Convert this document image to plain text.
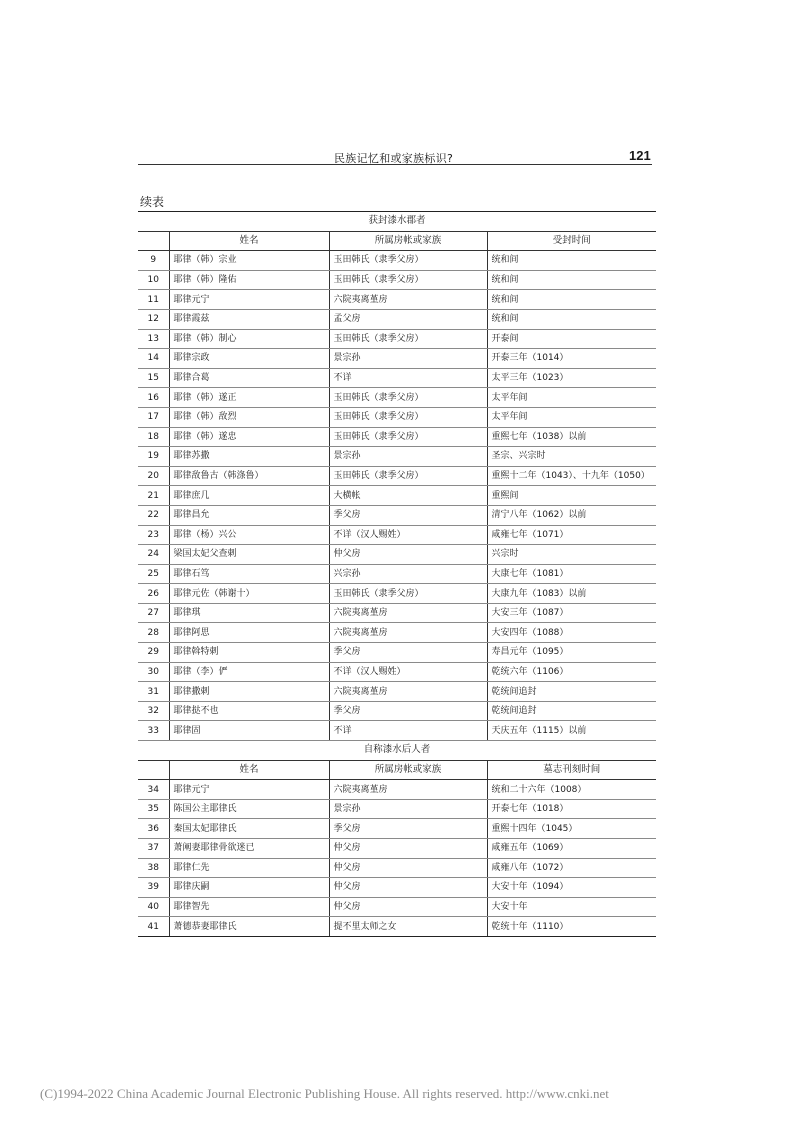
民族记忆和或家族标识?	121
续表
获封漆水郡者			
	姓名	所属房帐或家族	受封时间
9	耶律（韩）宗业	玉田韩氏（隶季父房）	统和间
10	耶律（韩）隆佑	玉田韩氏（隶季父房）	统和间
11	耶律元宁	六院夷离堇房	统和间
12	耶律霞兹	孟父房	统和间
13	耶律（韩）制心	玉田韩氏（隶季父房）	开泰间
14	耶律宗政	景宗孙	开泰三年（1014）
15	耶律合葛	不详	太平三年（1023）
16	耶律（韩）遂正	玉田韩氏（隶季父房）	太平年间
17	耶律（韩）敌烈	玉田韩氏（隶季父房）	太平年间
18	耶律（韩）遂忠	玉田韩氏（隶季父房）	重熙七年（1038）以前
19	耶律苏撒	景宗孙	圣宗、兴宗时
20	耶律敌鲁古（韩涤鲁）	玉田韩氏（隶季父房）	重熙十二年（1043）、十九年（1050）
21	耶律庶几	大横帐	重熙间
22	耶律昌允	季父房	清宁八年（1062）以前
23	耶律（杨）兴公	不详（汉人赐姓）	咸雍七年（1071）
24	梁国太妃父查剌	仲父房	兴宗时
25	耶律石笃	兴宗孙	大康七年（1081）
26	耶律元佐（韩谢十）	玉田韩氏（隶季父房）	大康九年（1083）以前
27	耶律琪	六院夷离堇房	大安三年（1087）
28	耶律阿思	六院夷离堇房	大安四年（1088）
29	耶律斡特剌	季父房	寿昌元年（1095）
30	耶律（李）俨	不详（汉人赐姓）	乾统六年（1106）
31	耶律撒剌	六院夷离堇房	乾统间追封
32	耶律挞不也	季父房	乾统间追封
33	耶律固	不详	天庆五年（1115）以前
自称漆水后人者			
	姓名	所属房帐或家族	墓志刊刻时间
34	耶律元宁	六院夷离堇房	统和二十六年（1008）
35	陈国公主耶律氏	景宗孙	开泰七年（1018）
36	秦国太妃耶律氏	季父房	重熙十四年（1045）
37	萧阐妻耶律骨欲迷已	仲父房	咸雍五年（1069）
38	耶律仁先	仲父房	咸雍八年（1072）
39	耶律庆嗣	仲父房	大安十年（1094）
40	耶律智先	仲父房	大安十年
41	萧德恭妻耶律氏	提不里太师之女	乾统十年（1110）
(C)1994-2022 China Academic Journal Electronic Publishing House. All rights reserved. http://www.cnki.net
